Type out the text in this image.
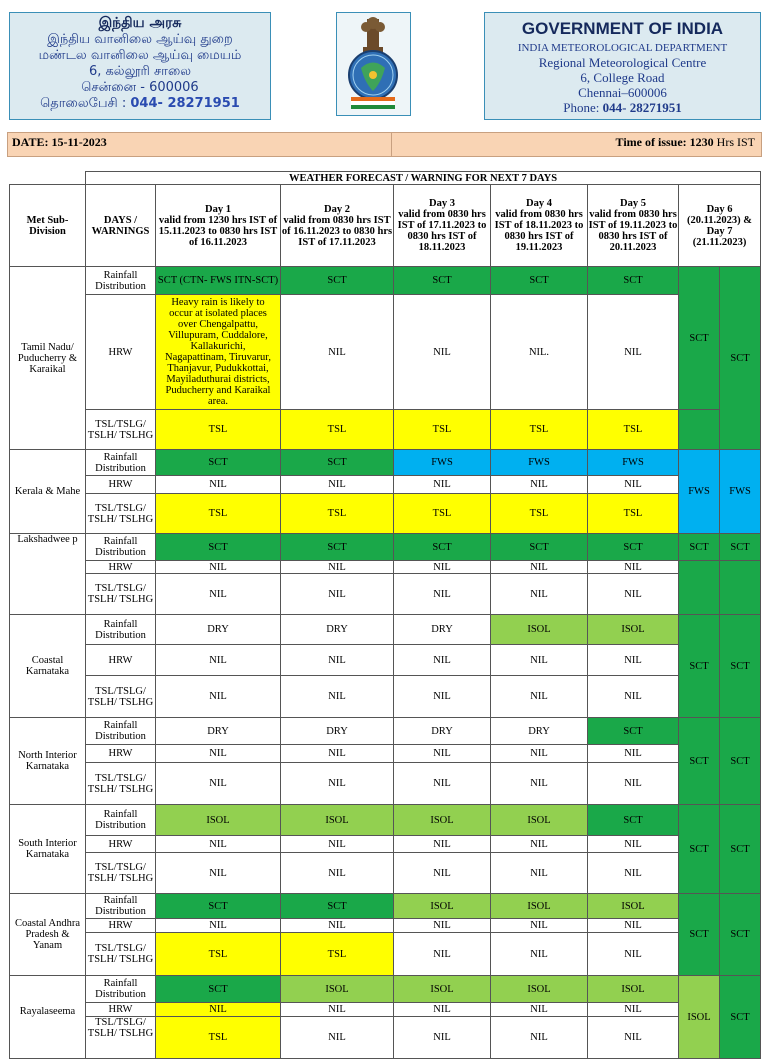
இந்திய அரசு
இந்திய வானிலை ஆய்வு துறை
மண்டல வானிலை ஆய்வு மையம்
6, கல்லூரி சாலை
சென்னை - 600006
தொலைபேசி : 044- 28271951
GOVERNMENT OF INDIA
INDIA METEOROLOGICAL DEPARTMENT
Regional Meteorological Centre
6, College Road
Chennai–600006
Phone: 044- 28271951
DATE: 15-11-2023	Time of issue: 1230 Hrs IST
	WEATHER FORECAST / WARNING FOR NEXT 7 DAYS							
Met Sub-Division	DAYS / WARNINGS	Day 1
valid from 1230 hrs IST of 15.11.2023 to 0830 hrs IST of 16.11.2023	Day 2
valid from 0830 hrs IST of 16.11.2023 to 0830 hrs IST of 17.11.2023	Day 3
valid from 0830 hrs IST of 17.11.2023 to 0830 hrs IST of 18.11.2023	Day 4
valid from 0830 hrs IST of 18.11.2023 to 0830 hrs IST of 19.11.2023	Day 5
valid from 0830 hrs IST of 19.11.2023 to 0830 hrs IST of 20.11.2023	Day 6 (20.11.2023) & Day 7 (21.11.2023)	
Tamil Nadu/ Puducherry & Karaikal	Rainfall Distribution	SCT (CTN- FWS ITN-SCT)	SCT	SCT	SCT	SCT	SCT	SCT
	HRW	Heavy rain is likely to occur at isolated places over Chengalpattu, Villupuram, Cuddalore, Kallakurichi, Nagapattinam, Tiruvarur, Thanjavur, Pudukkottai, Mayiladuthurai districts, Puducherry and Karaikal area.	NIL	NIL	NIL.	NIL		
	TSL/TSLG/ TSLH/ TSLHG	TSL	TSL	TSL	TSL	TSL		
Kerala & Mahe	Rainfall Distribution	SCT	SCT	FWS	FWS	FWS	FWS	FWS
	HRW	NIL	NIL	NIL	NIL	NIL		
	TSL/TSLG/ TSLH/ TSLHG	TSL	TSL	TSL	TSL	TSL		
Lakshadwee p	Rainfall Distribution	SCT	SCT	SCT	SCT	SCT	SCT	SCT
	HRW	NIL	NIL	NIL	NIL	NIL		
	TSL/TSLG/ TSLH/ TSLHG	NIL	NIL	NIL	NIL	NIL		
Coastal Karnataka	Rainfall Distribution	DRY	DRY	DRY	ISOL	ISOL	SCT	SCT
	HRW	NIL	NIL	NIL	NIL	NIL		
	TSL/TSLG/ TSLH/ TSLHG	NIL	NIL	NIL	NIL	NIL		
North Interior Karnataka	Rainfall Distribution	DRY	DRY	DRY	DRY	SCT	SCT	SCT
	HRW	NIL	NIL	NIL	NIL	NIL		
	TSL/TSLG/ TSLH/ TSLHG	NIL	NIL	NIL	NIL	NIL		
South Interior Karnataka	Rainfall Distribution	ISOL	ISOL	ISOL	ISOL	SCT	SCT	SCT
	HRW	NIL	NIL	NIL	NIL	NIL		
	TSL/TSLG/ TSLH/ TSLHG	NIL	NIL	NIL	NIL	NIL		
Coastal Andhra Pradesh & Yanam	Rainfall Distribution	SCT	SCT	ISOL	ISOL	ISOL	SCT	SCT
	HRW	NIL	NIL	NIL	NIL	NIL		
	TSL/TSLG/ TSLH/ TSLHG	TSL	TSL	NIL	NIL	NIL		
Rayalaseema	Rainfall Distribution	SCT	ISOL	ISOL	ISOL	ISOL	ISOL	SCT
	HRW	NIL	NIL	NIL	NIL	NIL		
	TSL/TSLG/ TSLH/ TSLHG	TSL	NIL	NIL	NIL	NIL		
